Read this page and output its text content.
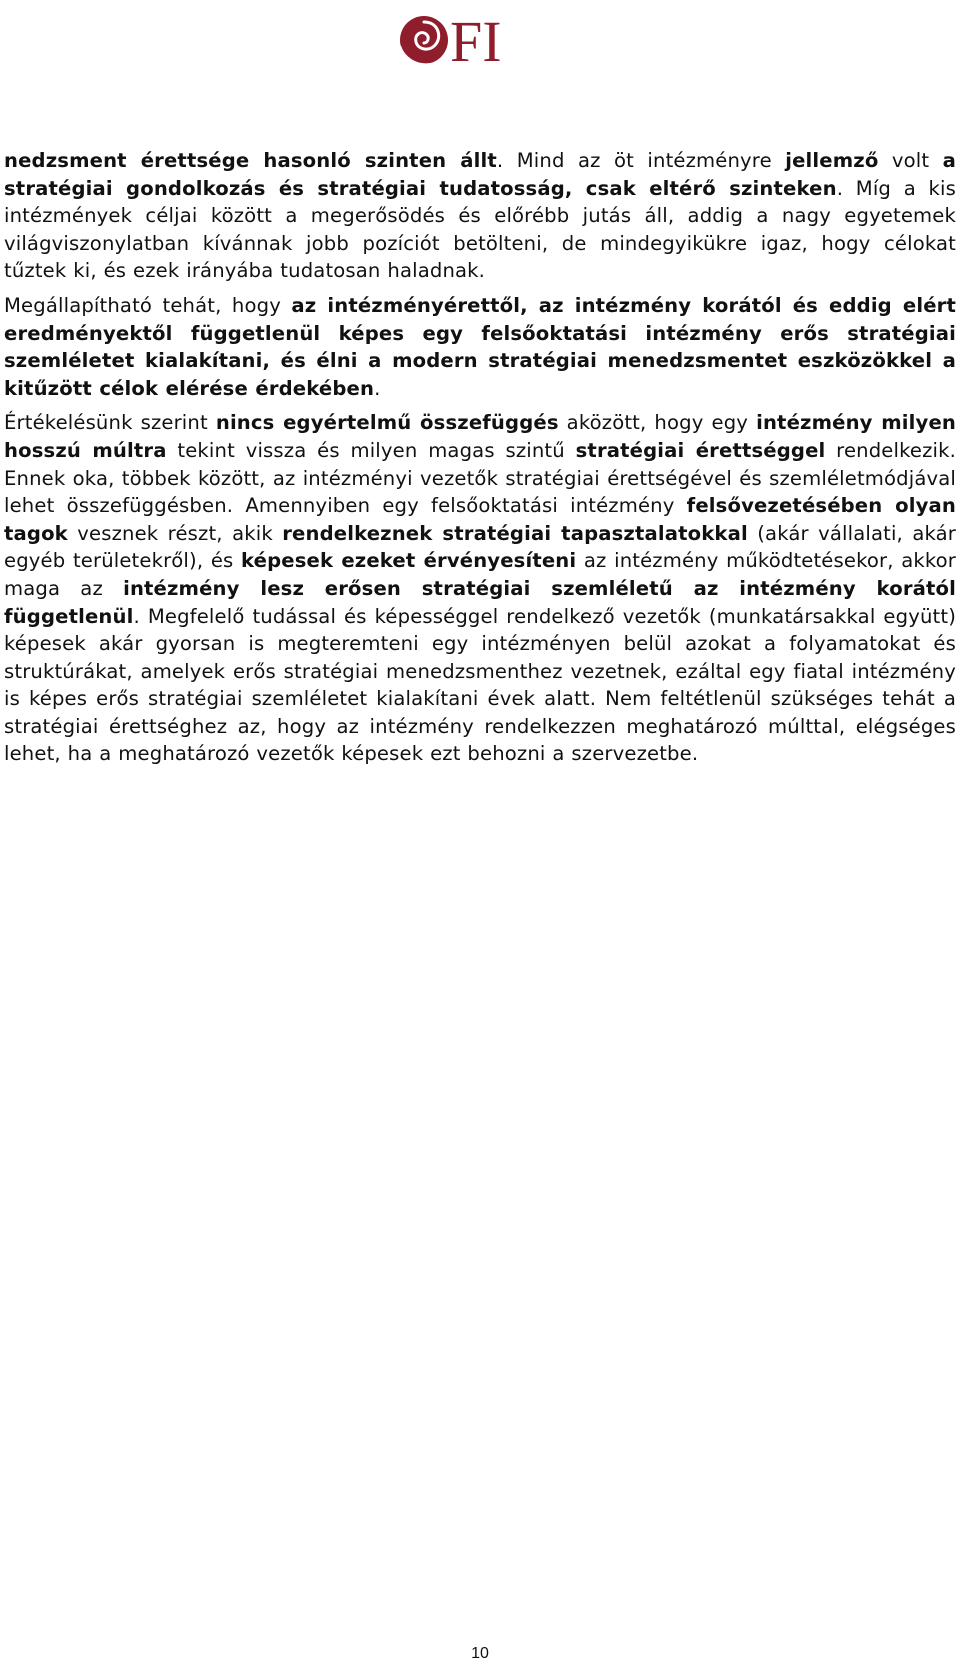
FI

nedzsment érettsége hasonló szinten állt. Mind az öt intézményre jellemző volt a stratégiai gondolkozás és stratégiai tudatosság, csak eltérő szinteken. Míg a kis intézmények céljai között a megerősödés és előrébb jutás áll, addig a nagy egyetemek világviszonylatban kívánnak jobb pozíciót betölteni, de mindegyikükre igaz, hogy célokat tűztek ki, és ezek irányába tudatosan haladnak.

Megállapítható tehát, hogy az intézményérettől, az intézmény korától és eddig elért eredményektől függetlenül képes egy felsőoktatási intézmény erős stratégiai szemléletet kialakítani, és élni a modern stratégiai menedzsmentet eszközökkel a kitűzött célok elérése érdekében.

Értékelésünk szerint nincs egyértelmű összefüggés aközött, hogy egy intézmény milyen hosszú múltra tekint vissza és milyen magas szintű stratégiai érettséggel rendelkezik. Ennek oka, többek között, az intézményi vezetők stratégiai érettségével és szemléletmódjával lehet összefüggésben. Amennyiben egy felsőoktatási intézmény felsővezetésében olyan tagok vesznek részt, akik rendelkeznek stratégiai tapasztalatokkal (akár vállalati, akár egyéb területekről), és képesek ezeket érvényesíteni az intézmény működtetésekor, akkor maga az intézmény lesz erősen stratégiai szemléletű az intézmény korától függetlenül. Megfelelő tudással és képességgel rendelkező vezetők (munkatársakkal együtt) képesek akár gyorsan is megteremteni egy intézményen belül azokat a folyamatokat és struktúrákat, amelyek erős stratégiai menedzsmenthez vezetnek, ezáltal egy fiatal intézmény is képes erős stratégiai szemléletet kialakítani évek alatt. Nem feltétlenül szükséges tehát a stratégiai érettséghez az, hogy az intézmény rendelkezzen meghatározó múlttal, elégséges lehet, ha a meghatározó vezetők képesek ezt behozni a szervezetbe.

10
